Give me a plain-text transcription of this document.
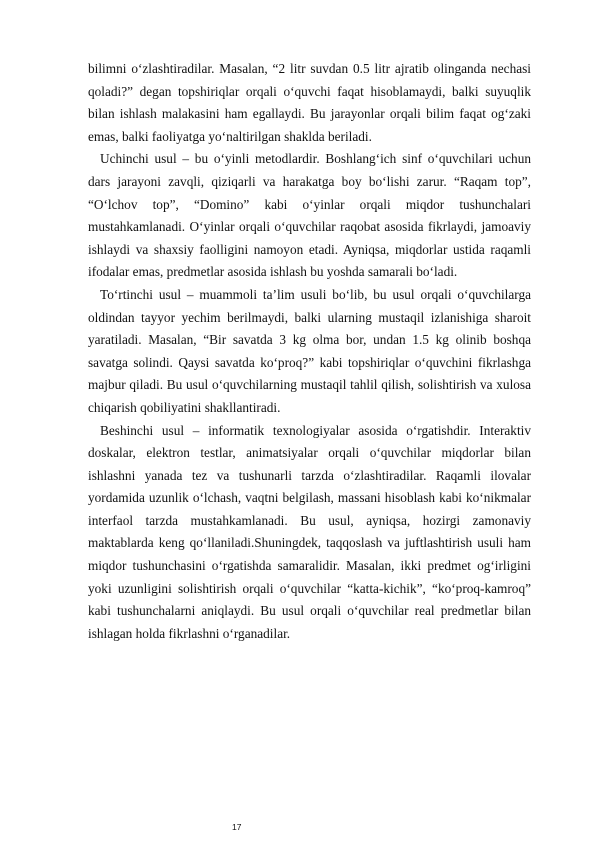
bilimni o‘zlashtiradilar. Masalan, “2 litr suvdan 0.5 litr ajratib olinganda nechasi qoladi?” degan topshiriqlar orqali o‘quvchi faqat hisoblamaydi, balki suyuqlik bilan ishlash malakasini ham egallaydi. Bu jarayonlar orqali bilim faqat og‘zaki emas, balki faoliyatga yo‘naltirilgan shaklda beriladi.

Uchinchi usul – bu o‘yinli metodlardir. Boshlang‘ich sinf o‘quvchilari uchun dars jarayoni zavqli, qiziqarli va harakatga boy bo‘lishi zarur. “Raqam top”, “O‘lchov top”, “Domino” kabi o‘yinlar orqali miqdor tushunchalari mustahkamlanadi. O‘yinlar orqali o‘quvchilar raqobat asosida fikrlaydi, jamoaviy ishlaydi va shaxsiy faolligini namoyon etadi. Ayniqsa, miqdorlar ustida raqamli ifodalar emas, predmetlar asosida ishlash bu yoshda samarali bo‘ladi.

To‘rtinchi usul – muammoli ta’lim usuli bo‘lib, bu usul orqali o‘quvchilarga oldindan tayyor yechim berilmaydi, balki ularning mustaqil izlanishiga sharoit yaratiladi. Masalan, “Bir savatda 3 kg olma bor, undan 1.5 kg olinib boshqa savatga solindi. Qaysi savatda ko‘proq?” kabi topshiriqlar o‘quvchini fikrlashga majbur qiladi. Bu usul o‘quvchilarning mustaqil tahlil qilish, solishtirish va xulosa chiqarish qobiliyatini shakllantiradi.

Beshinchi usul – informatik texnologiyalar asosida o‘rgatishdir. Interaktiv doskalar, elektron testlar, animatsiyalar orqali o‘quvchilar miqdorlar bilan ishlashni yanada tez va tushunarli tarzda o‘zlashtiradilar. Raqamli ilovalar yordamida uzunlik o‘lchash, vaqtni belgilash, massani hisoblash kabi ko‘nikmalar interfaol tarzda mustahkamlanadi. Bu usul, ayniqsa, hozirgi zamonaviy maktablarda keng qo‘llaniladi.Shuningdek, taqqoslash va juftlashtirish usuli ham miqdor tushunchasini o‘rgatishda samaralidir. Masalan, ikki predmet og‘irligini yoki uzunligini solishtirish orqali o‘quvchilar “katta-kichik”, “ko‘proq-kamroq” kabi tushunchalarni aniqlaydi. Bu usul orqali o‘quvchilar real predmetlar bilan ishlagan holda fikrlashni o‘rganadilar.

17
